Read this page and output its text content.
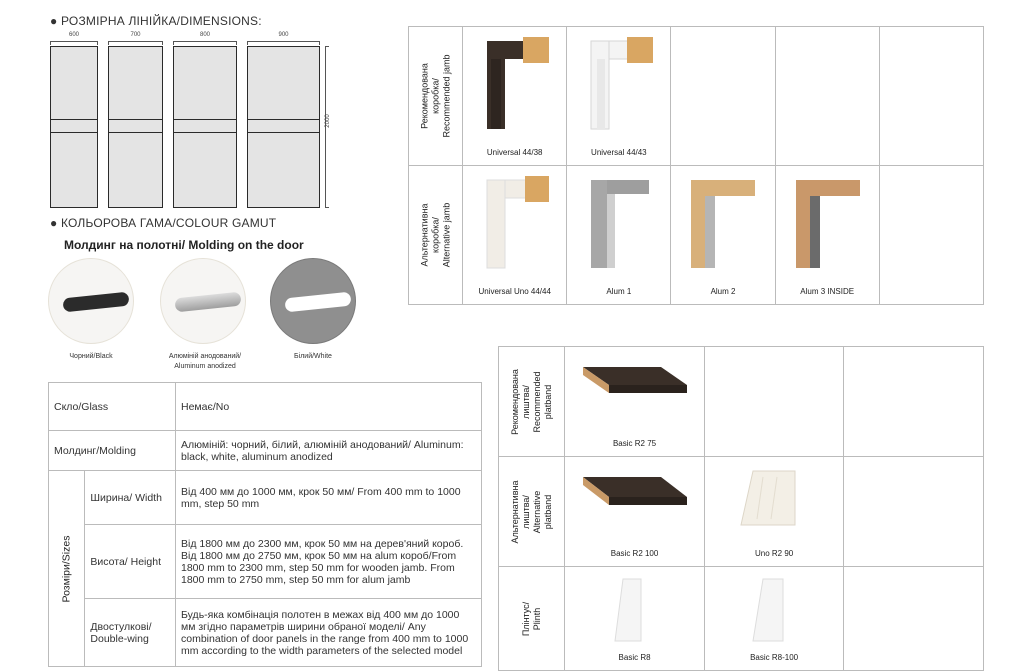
● РОЗМІРНА ЛІНІЙКА/DIMENSIONS:
600	700	800	900
2000
● КОЛЬОРОВА ГАМА/COLOUR GAMUT
Молдинг на полотні/ Molding on the door
Чорний/Black	Алюміній анодований/
Aluminum anodized
Білий/White
Рекомендована коробка/ Recommended jamb	Universal 44/38	Universal 44/43			

Альтернативна коробка/ Alternative jamb	Universal Uno 44/44	Alum 1	Alum 2	Alum 3 INSIDE	

Скло/Glass		Немає/No
Молдинг/Molding		Алюміній: чорний, білий, алюміній анодований/ Aluminum: black, white, aluminum anodized

Розміри/Sizes	Ширина/ Width	Від 400 мм до 1000 мм, крок 50 мм/ From 400 mm to 1000 mm, step 50 mm
	Висота/ Height	Від 1800 мм до 2300 мм, крок 50 мм на дерев'яний короб. Від 1800 мм до 2750 мм, крок 50 мм на alum короб/From 1800 mm to 2300 mm, step 50 mm for wooden jamb. From 1800 mm to 2750 mm, step 50 mm for alum jamb
	Двостулкові/ Double-wing	Будь-яка комбінація полотен в межах від 400 мм до 1000 мм згідно параметрів ширини обраної моделі/ Any combination of door panels in the range from 400 mm to 1000 mm according to the width parameters of the selected model
Рекомендована лиштва/ Recommended platband	Basic R2 75		

Альтернативна лиштва/ Alternative platband	Basic R2 100	Uno R2 90	

Плінтус/ Plinth	Basic R8	Basic R8-100	
